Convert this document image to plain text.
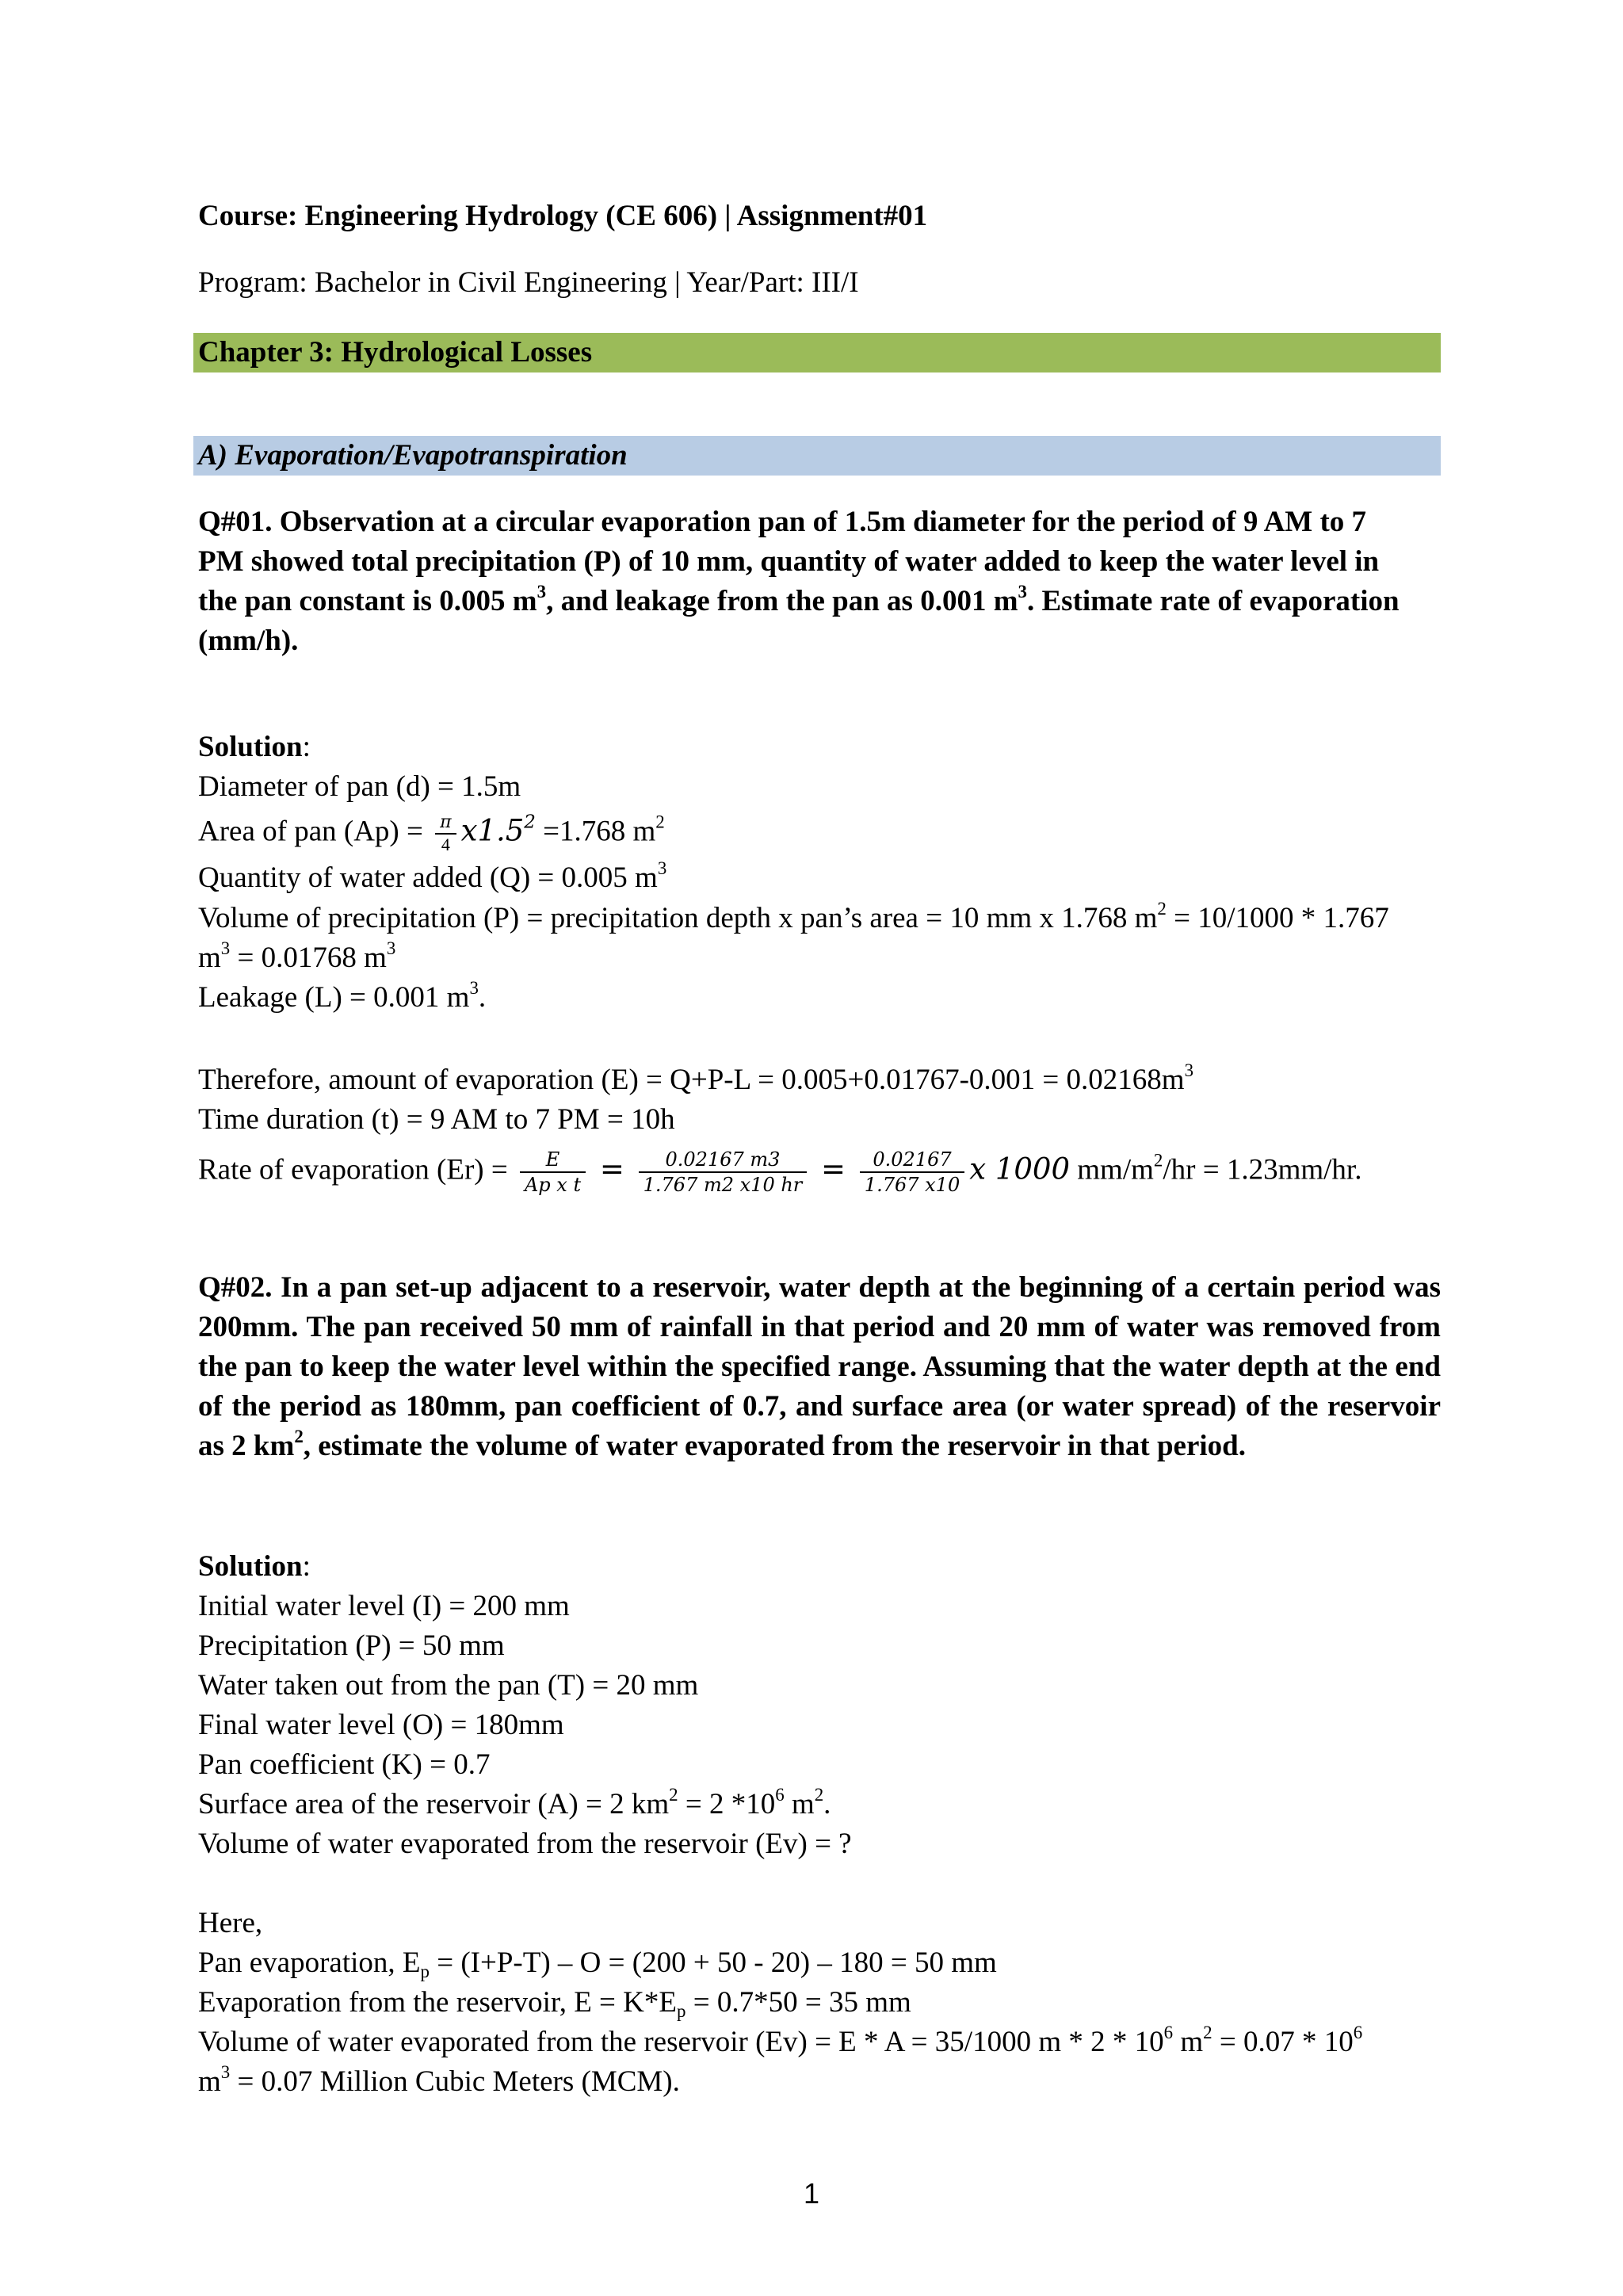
Course: Engineering Hydrology (CE 606) | Assignment#01
Program: Bachelor in Civil Engineering | Year/Part: III/I
Chapter 3: Hydrological Losses
A) Evaporation/Evapotranspiration
Q#01. Observation at a circular evaporation pan of 1.5m diameter for the period of 9 AM to 7
PM showed total precipitation (P) of 10 mm, quantity of water added to keep the water level in
the pan constant is 0.005 $m^3$, and leakage from the pan as 0.001 $m^3$. Estimate rate of evaporation
(mm/h).
Solution:
Diameter of pan (d) = 1.5m
Area of pan $(Ap) = \frac{\pi}{4} x1.5^2 =1.768$ $m^2$
Quantity of water added (Q) = 0.005 $m^3$
Volume of precipitation (P) = precipitation depth x pan’s area = 10 mm x 1.768 $m^2 = 10/1000 * 1.767$
$m^3 = 0.01768$ $m^3$
Leakage (L) = 0.001 $m^3$.
Therefore, amount of evaporation $(E) = Q+P-L = 0.005+0.01767-0.001 = 0.02168m^3$
Time duration (t) = 9 AM to 7 PM = 10h
Rate of evaporation $(Er) = \frac{E}{\text{Ap x t}} = \frac{0.02167 m3}{1.767 m2 x10 hr} = \frac{0.02167}{1.767 x10}$ x 1000 $mm/m^2/hr = 1.23mm/hr$.
Q#02. In a pan set-up adjacent to a reservoir, water depth at the beginning of a certain period was 200mm. The pan received 50 mm of rainfall in that period and 20 mm of water was removed from the pan to keep the water level within the specified range. Assuming that the water depth at the end of the period as 180mm, pan coefficient of 0.7, and surface area (or water spread) of the reservoir as 2 $km^2$, estimate the volume of water evaporated from the reservoir in that period.
Solution:
Initial water level (I) = 200 mm
Precipitation (P) = 50 mm
Water taken out from the pan (T) = 20 mm
Final water level (O) = 180mm
Pan coefficient (K) = 0.7
Surface area of the reservoir (A) = 2 $km^2 = 2$ $*10^6$ $m^2$.
Volume of water evaporated from the reservoir (Ev) = ?
Here,
Pan evaporation, $E_p = (I+P-T) - O = (200 + 50 - 20) - 180 = 50$ mm
Evaporation from the reservoir, $E = K*E_p = 0.7*50 = 35$ mm
Volume of water evaporated from the reservoir (Ev) = E * A = 35/1000 m * $2 * 10^6$ $m^2 = 0.07 * 10^6$
$m^3 = 0.07$ Million Cubic Meters (MCM).
1
